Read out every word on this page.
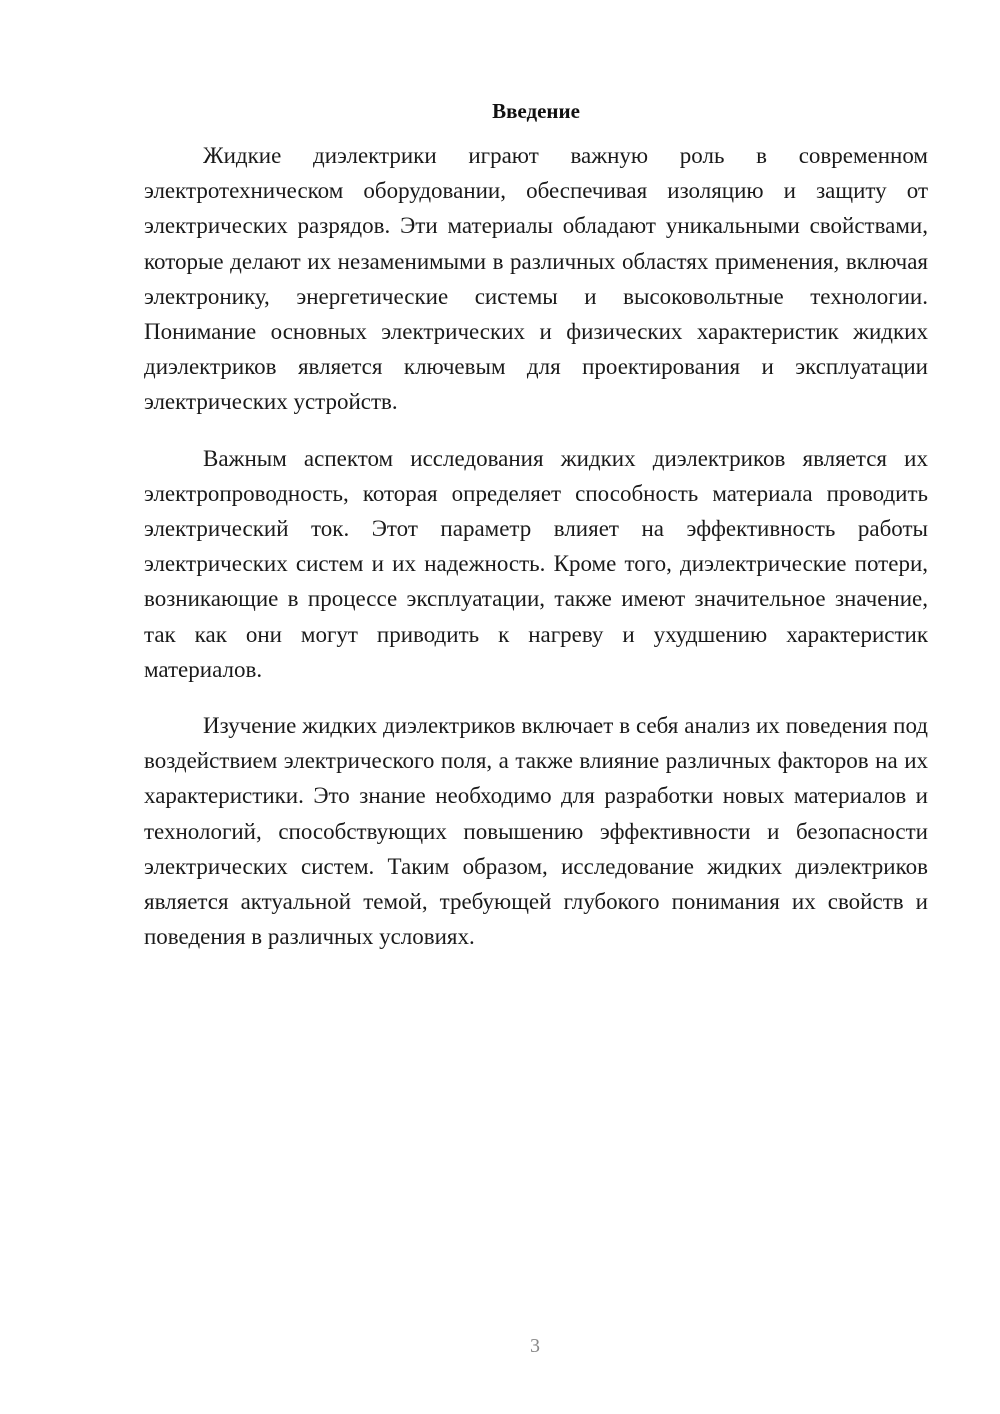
Введение

Жидкие диэлектрики играют важную роль в современном электротехническом оборудовании, обеспечивая изоляцию и защиту от электрических разрядов. Эти материалы обладают уникальными свойствами, которые делают их незаменимыми в различных областях применения, включая электронику, энергетические системы и высоковольтные технологии. Понимание основных электрических и физических характеристик жидких диэлектриков является ключевым для проектирования и эксплуатации электрических устройств.

Важным аспектом исследования жидких диэлектриков является их электропроводность, которая определяет способность материала проводить электрический ток. Этот параметр влияет на эффективность работы электрических систем и их надежность. Кроме того, диэлектрические потери, возникающие в процессе эксплуатации, также имеют значительное значение, так как они могут приводить к нагреву и ухудшению характеристик материалов.

Изучение жидких диэлектриков включает в себя анализ их поведения под воздействием электрического поля, а также влияние различных факторов на их характеристики. Это знание необходимо для разработки новых материалов и технологий, способствующих повышению эффективности и безопасности электрических систем. Таким образом, исследование жидких диэлектриков является актуальной темой, требующей глубокого понимания их свойств и поведения в различных условиях.

3
